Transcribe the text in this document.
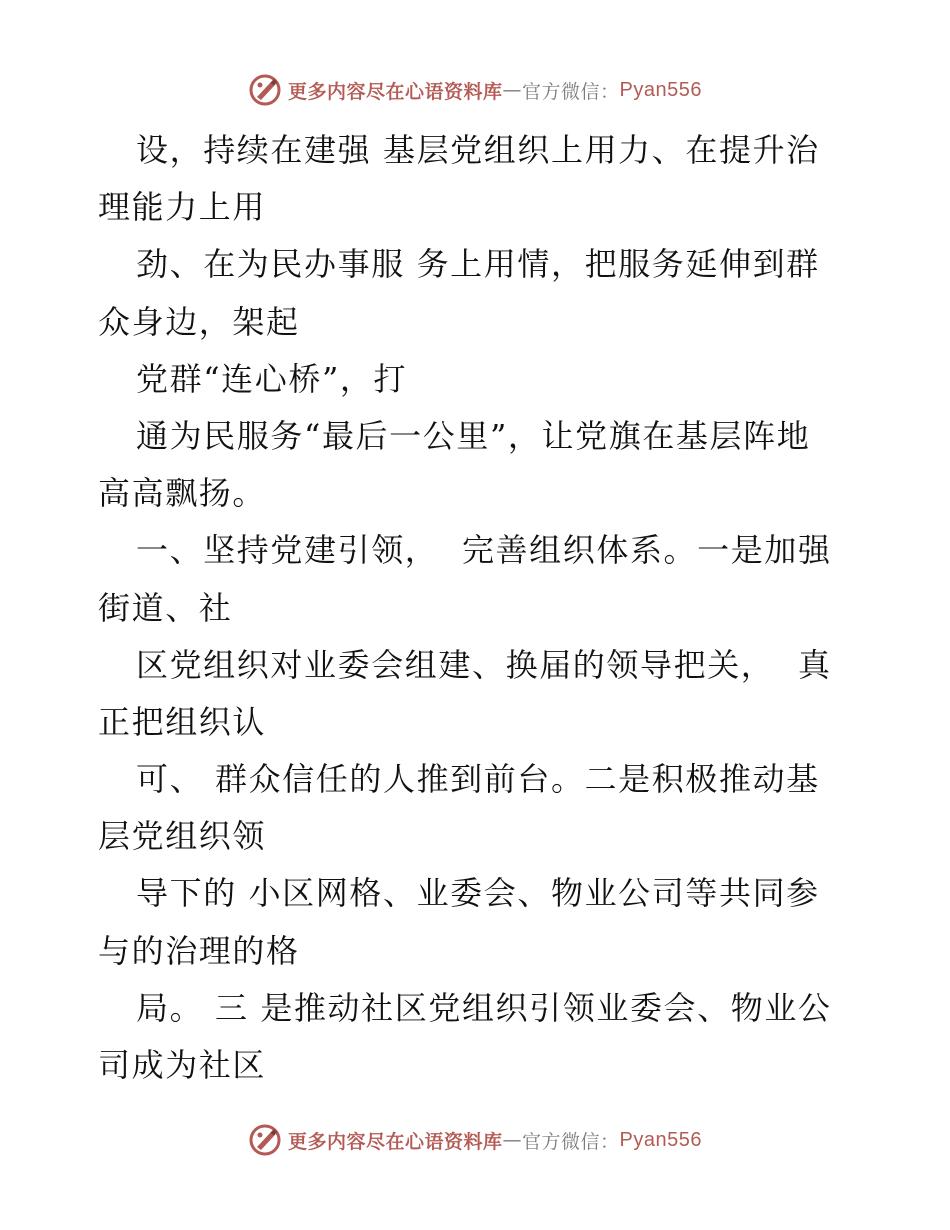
更多内容尽在心语资料库 — 官方微信： Pyan556
设，持续在建强 基层党组织上用力、在提升治
理能力上用
劲、在为民办事服 务上用情，把服务延伸到群
众身边，架起
党群“连心桥”，打
通为民服务“最后一公里”，让党旗在基层阵地
高高飘扬。
一、坚持党建引领，  完善组织体系。一是加强
街道、社
区党组织对业委会组建、换届的领导把关，  真
正把组织认
可、 群众信任的人推到前台。二是积极推动基
层党组织领
导下的 小区网格、业委会、物业公司等共同参
与的治理的格
局。 三 是推动社区党组织引领业委会、物业公
司成为社区
更多内容尽在心语资料库 — 官方微信： Pyan556
